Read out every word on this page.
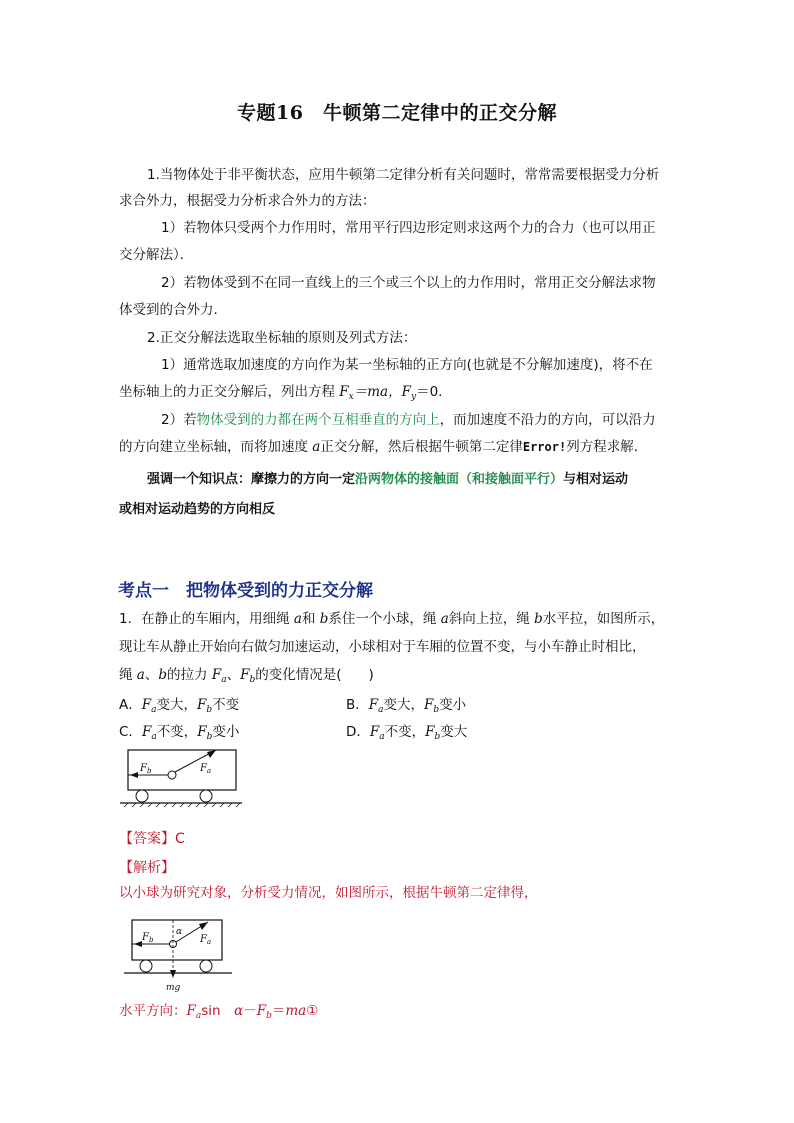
专题16　牛顿第二定律中的正交分解
1.当物体处于非平衡状态，应用牛顿第二定律分析有关问题时，常常需要根据受力分析
求合外力，根据受力分析求合外力的方法：
1）若物体只受两个力作用时，常用平行四边形定则求这两个力的合力（也可以用正
交分解法）．
2）若物体受到不在同一直线上的三个或三个以上的力作用时，常用正交分解法求物
体受到的合外力．
2.正交分解法选取坐标轴的原则及列式方法：
1）通常选取加速度的方向作为某一坐标轴的正方向(也就是不分解加速度)，将不在
坐标轴上的力正交分解后，列出方程 $F_x=ma$，$F_y=0$.
2）若物体受到的力都在两个互相垂直的方向上，而加速度不沿力的方向，可以沿力
的方向建立坐标轴，而将加速度 a正交分解，然后根据牛顿第二定律Error!列方程求解．
强调一个知识点：摩擦力的方向一定沿两物体的接触面（和接触面平行）与相对运动
或相对运动趋势的方向相反
考点一　把物体受到的力正交分解
1．在静止的车厢内，用细绳 a和 b系住一个小球，绳 a斜向上拉，绳 b水平拉，如图所示，
现让车从静止开始向右做匀加速运动，小球相对于车厢的位置不变，与小车静止时相比，
绳 a、b的拉力 $F_a$、$F_b$的变化情况是(　　)
A．$F_a$变大，$F_b$不变	B．$F_a$变大，$F_b$变小
C．$F_a$不变，$F_b$变小	D．$F_a$不变，$F_b$变大
$F_b$	$F_a$
【答案】C
【解析】
以小球为研究对象，分析受力情况，如图所示，根据牛顿第二定律得，
$F_b$
α
$F_a$
mg
水平方向：$F_a\sin$　$\alpha-F_b=ma①$
